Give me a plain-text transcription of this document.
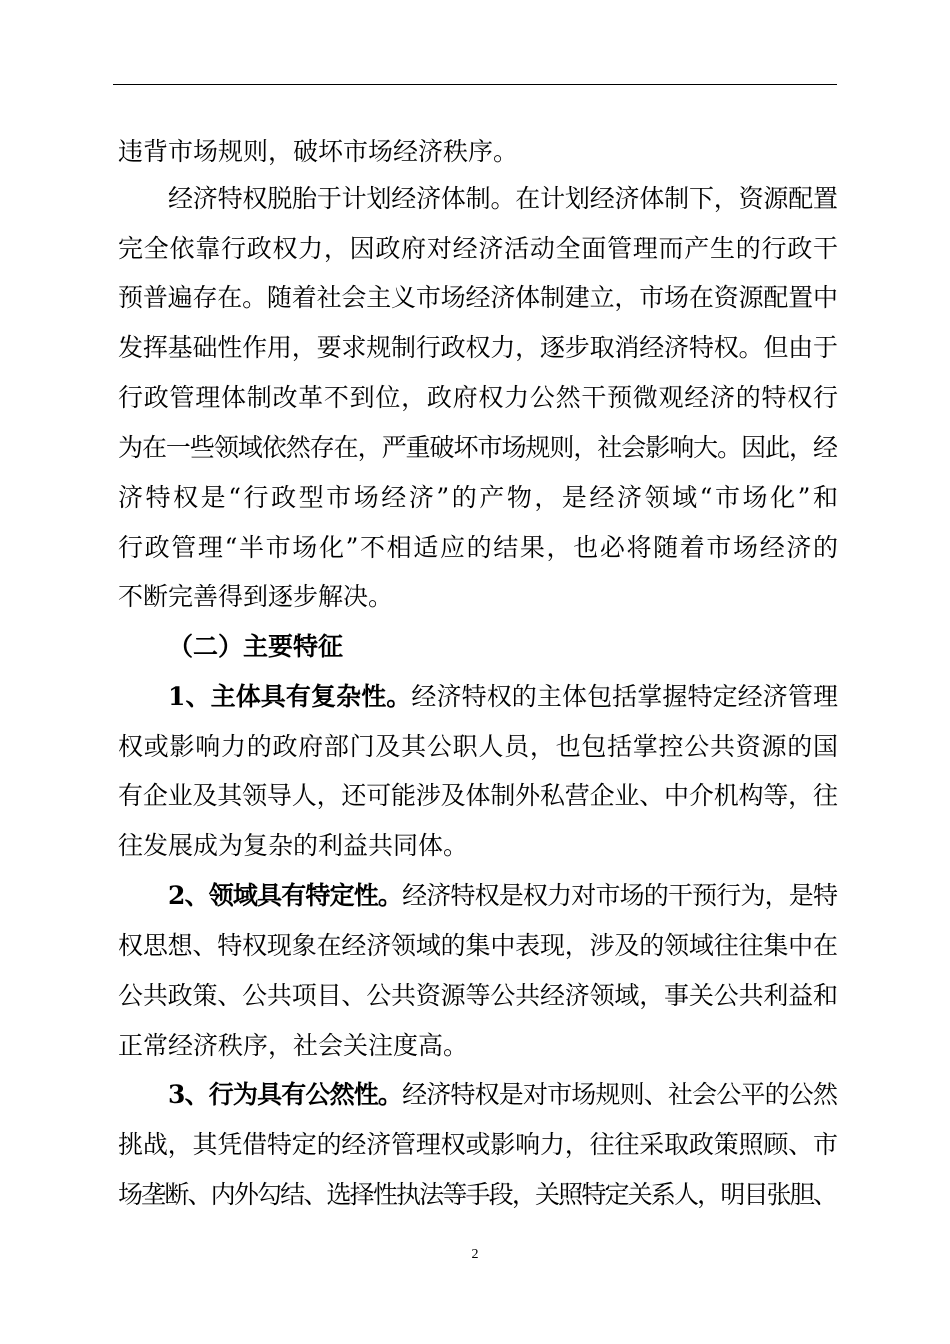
违背市场规则，破坏市场经济秩序。
经济特权脱胎于计划经济体制。在计划经济体制下，资源配置
完全依靠行政权力，因政府对经济活动全面管理而产生的行政干
预普遍存在。随着社会主义市场经济体制建立，市场在资源配置中
发挥基础性作用，要求规制行政权力，逐步取消经济特权。但由于
行政管理体制改革不到位，政府权力公然干预微观经济的特权行
为在一些领域依然存在，严重破坏市场规则，社会影响大。因此，经
济特权是“行政型市场经济”的产物，是经济领域“市场化”和
行政管理“半市场化”不相适应的结果，也必将随着市场经济的
不断完善得到逐步解决。
（二）主要特征
1、主体具有复杂性。经济特权的主体包括掌握特定经济管理
权或影响力的政府部门及其公职人员，也包括掌控公共资源的国
有企业及其领导人，还可能涉及体制外私营企业、中介机构等，往
往发展成为复杂的利益共同体。
2、领域具有特定性。经济特权是权力对市场的干预行为，是特
权思想、特权现象在经济领域的集中表现，涉及的领域往往集中在
公共政策、公共项目、公共资源等公共经济领域，事关公共利益和
正常经济秩序，社会关注度高。
3、行为具有公然性。经济特权是对市场规则、社会公平的公然
挑战，其凭借特定的经济管理权或影响力，往往采取政策照顾、市
场垄断、内外勾结、选择性执法等手段，关照特定关系人，明目张胆、
2
